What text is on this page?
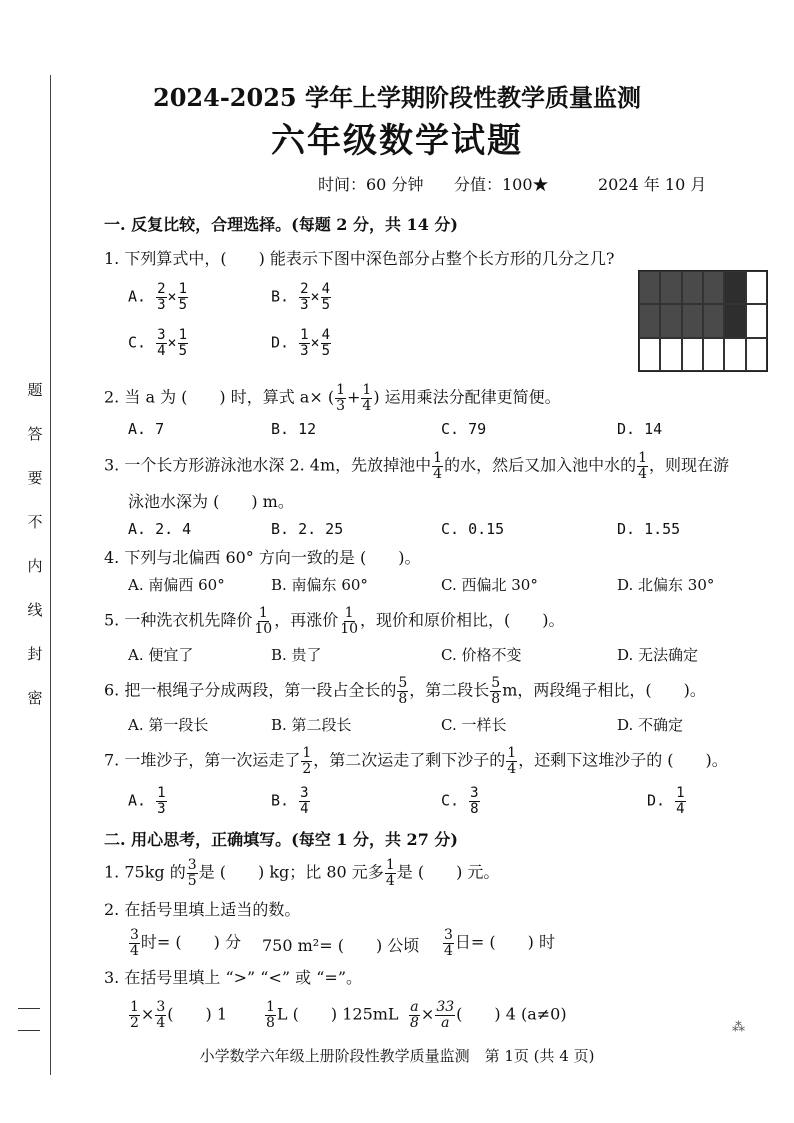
题
答
要
不
内
线
封
密
2024-2025 学年上学期阶段性教学质量监测
六年级数学试题
时间：60 分钟 分值：100★	2024 年 10 月
一. 反复比较，合理选择。(每题 2 分，共 14 分)
1. 下列算式中，(　　) 能表示下图中深色部分占整个长方形的几分之几?
A. $\frac{2}{3} \times \frac{1}{5}$	B. $\frac{2}{3} \times \frac{4}{5}$
C. $\frac{3}{4} \times \frac{1}{5}$	D. $\frac{1}{3} \times \frac{4}{5}$
2. 当 a 为 (　　) 时，算式 a× ( $\frac{1}{3} + \frac{1}{4}$ ) 运用乘法分配律更简便。
A. 7	B. 12	C. 79	D. 14
3. 一个长方形游泳池水深 2. 4m，先放掉池中 $\frac{1}{4}$ 的水，然后又加入池中水的 $\frac{1}{4}$ ，则现在游
泳池水深为 (　　) m。
A. 2. 4	B. 2. 25	C. 0.15	D. 1.55
4. 下列与北偏西 60° 方向一致的是 (　　)。
A. 南偏西 60°	B. 南偏东 60°	C. 西偏北 30°	D. 北偏东 30°
5. 一种洗衣机先降价 $\frac{1}{10}$ ，再涨价 $\frac{1}{10}$ ，现价和原价相比，(　　)。
A. 便宜了	B. 贵了	C. 价格不变	D. 无法确定
6. 把一根绳子分成两段，第一段占全长的 $\frac{5}{8}$ ，第二段长 $\frac{5}{8}$ m，两段绳子相比，(　　)。
A. 第一段长	B. 第二段长	C. 一样长	D. 不确定
7. 一堆沙子，第一次运走了 $\frac{1}{2}$ ，第二次运走了剩下沙子的 $\frac{1}{4}$ ，还剩下这堆沙子的 (　　)。
A. $\frac{1}{3}$	B. $\frac{3}{4}$	C. $\frac{3}{8}$	D. $\frac{1}{4}$
二. 用心思考，正确填写。(每空 1 分，共 27 分)
1. 75kg 的 $\frac{3}{5}$ 是 (　　) kg；比 80 元多 $\frac{1}{4}$ 是 (　　) 元。
2. 在括号里填上适当的数。
$\frac{3}{4}$ 时= (　　) 分 750 m²= (　　) 公顷 $\frac{3}{4}$ 日= (　　) 时
3. 在括号里填上 “>” “<” 或 “=”。
$\frac{1}{2} \times \frac{3}{4}$ (　　) 1	$\frac{1}{8}$ L (　　) $125mL \frac{a}{8} \times \frac{33}{a}$ (　　) 4 (a≠0)
⁂
小学数学六年级上册阶段性教学质量监测　第 1页 (共 4 页)
